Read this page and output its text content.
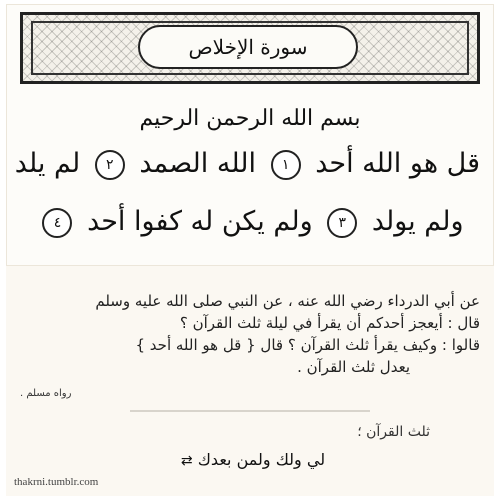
سورة الإخلاص
بسم الله الرحمن الرحيم
قل هو الله أحد ١ الله الصمد ٢ لم يلد
ولم يولد ٣ ولم يكن له كفوا أحد ٤
عن أبي الدرداء رضي الله عنه ، عن النبي صلى الله عليه وسلم
قال : أيعجز أحدكم أن يقرأ في ليلة ثلث القرآن ؟
قالوا : وكيف يقرأ ثلث القرآن ؟ قال { قل هو الله أحد }
يعدل ثلث القرآن .
رواه مسلم .
ثلث القرآن ؛
لي ولك ولمن بعدك ⇄
thakrni.tumblr.com
